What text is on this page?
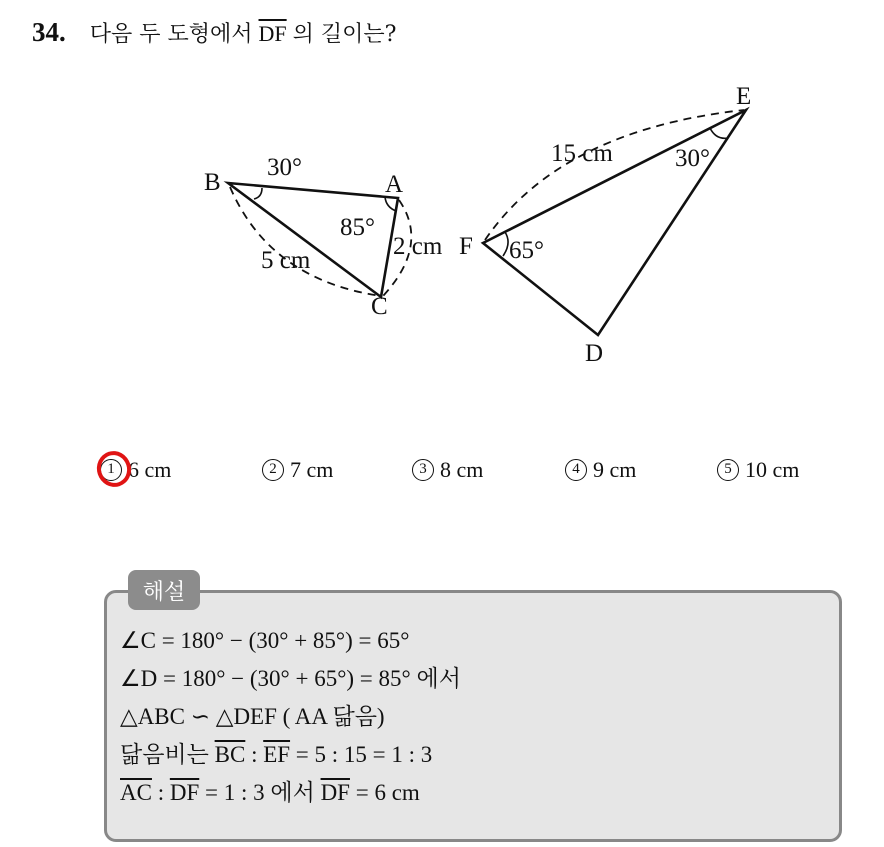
34. 다음 두 도형에서 $\overline{DF}$ 의 길이는?
B	A
C
30°
85°
5 cm
2 cm F
E
D
15 cm 30°
65°
1 6 cm	2 7 cm	3 8 cm	4 9 cm	5 10 cm
해설
∠C = 180° − (30° + 85°) = 65°
∠D = 180° − (30° + 65°) = 85° 에서
△ABC ∽ △DEF ( AA 닮음)
닮음비는 $\overline{BC}$ : $\overline{EF} = 5$ : 15 = 1 : 3
$\overline{AC}$ : $\overline{DF} = 1$ : 3 에서 $\overline{DF} = 6$ cm
